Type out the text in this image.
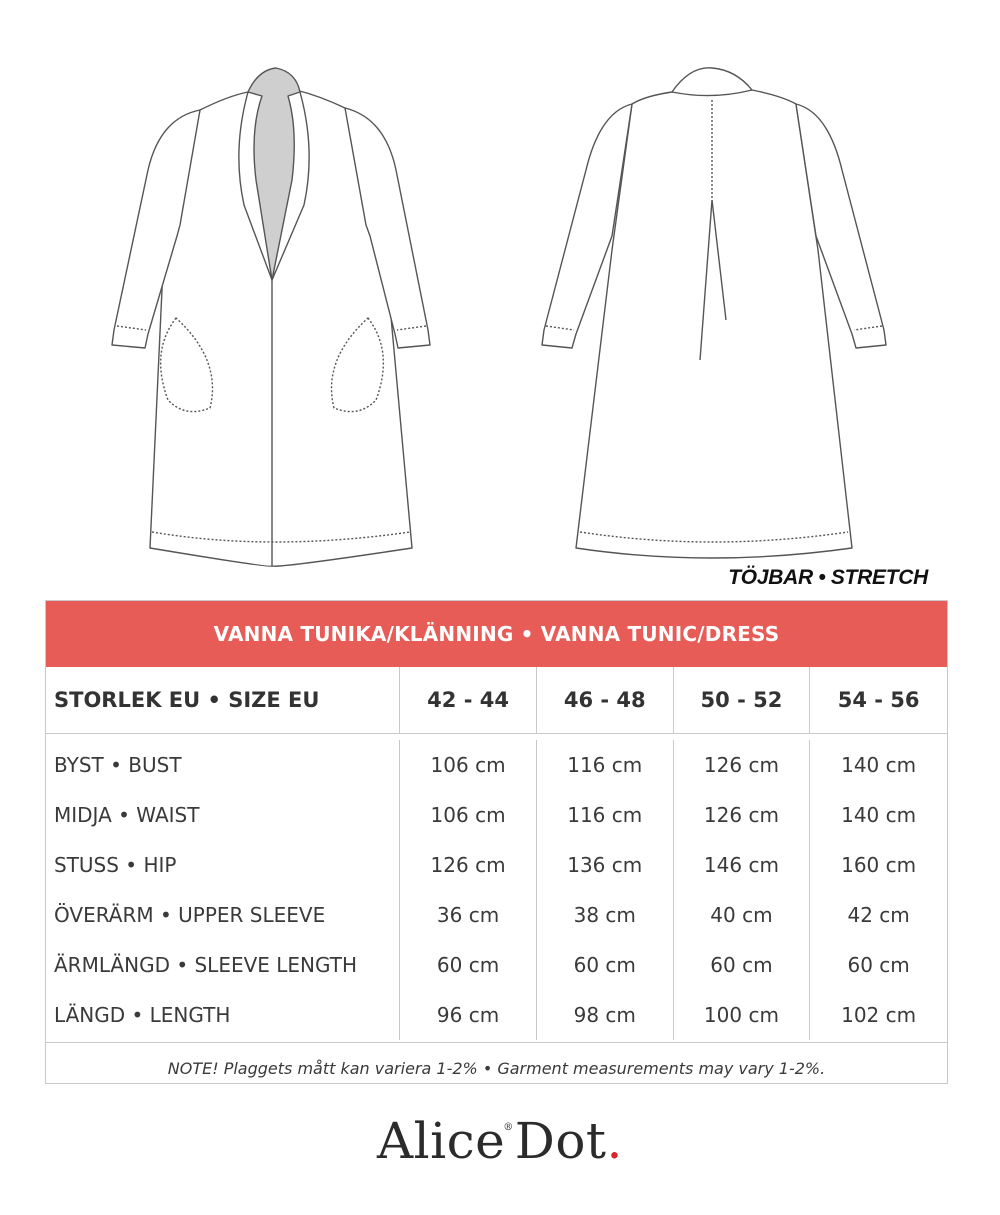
TÖJBAR • STRETCH
VANNA TUNIKA/KLÄNNING • VANNA TUNIC/DRESS
STORLEK EU • SIZE EU	42 - 44	46 - 48	50 - 52	54 - 56
BYST • BUST	106 cm	116 cm	126 cm	140 cm
MIDJA • WAIST	106 cm	116 cm	126 cm	140 cm
STUSS • HIP	126 cm	136 cm	146 cm	160 cm
ÖVERÄRM • UPPER SLEEVE	36 cm	38 cm	40 cm	42 cm
ÄRMLÄNGD • SLEEVE LENGTH	60 cm	60 cm	60 cm	60 cm
LÄNGD • LENGTH	96 cm	98 cm	100 cm	102 cm
NOTE! Plaggets mått kan variera 1-2% • Garment measurements may vary 1-2%.
Alice®Dot.
